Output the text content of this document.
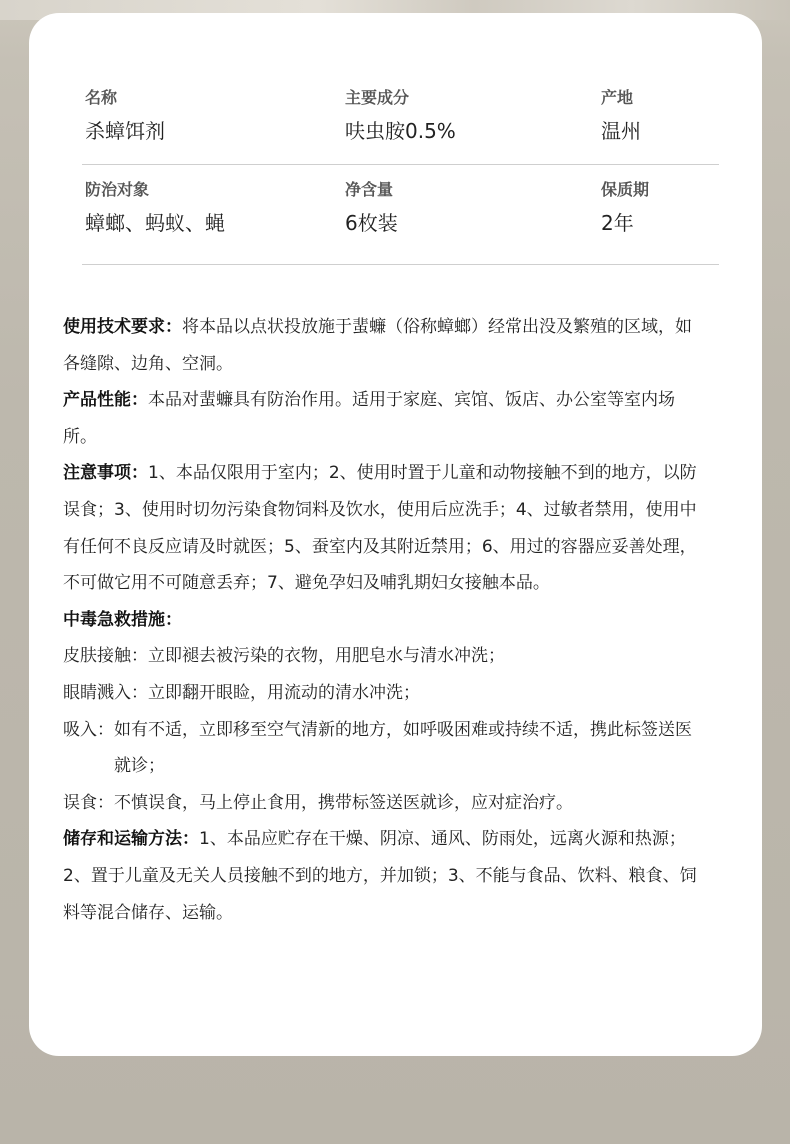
名称
杀蟑饵剂
主要成分
呋虫胺0.5%
产地
温州
防治对象
蟑螂、蚂蚁、蝇
净含量
6枚装
保质期
2年

使用技术要求：将本品以点状投放施于蜚蠊（俗称蟑螂）经常出没及繁殖的区域，如各缝隙、边角、空洞。

产品性能：本品对蜚蠊具有防治作用。适用于家庭、宾馆、饭店、办公室等室内场所。

注意事项：1、本品仅限用于室内；2、使用时置于儿童和动物接触不到的地方，以防误食；3、使用时切勿污染食物饲料及饮水，使用后应洗手；4、过敏者禁用，使用中有任何不良反应请及时就医；5、蚕室内及其附近禁用；6、用过的容器应妥善处理，不可做它用不可随意丢弃；7、避免孕妇及哺乳期妇女接触本品。

中毒急救措施：

皮肤接触：立即褪去被污染的衣物，用肥皂水与清水冲洗；

眼睛溅入：立即翻开眼睑，用流动的清水冲洗；

吸入： 如有不适，立即移至空气清新的地方，如呼吸困难或持续不适，携此标签送医就诊；

误食：不慎误食，马上停止食用，携带标签送医就诊，应对症治疗。

储存和运输方法：1、本品应贮存在干燥、阴凉、通风、防雨处，远离火源和热源；2、置于儿童及无关人员接触不到的地方，并加锁；3、不能与食品、饮料、粮食、饲料等混合储存、运输。
